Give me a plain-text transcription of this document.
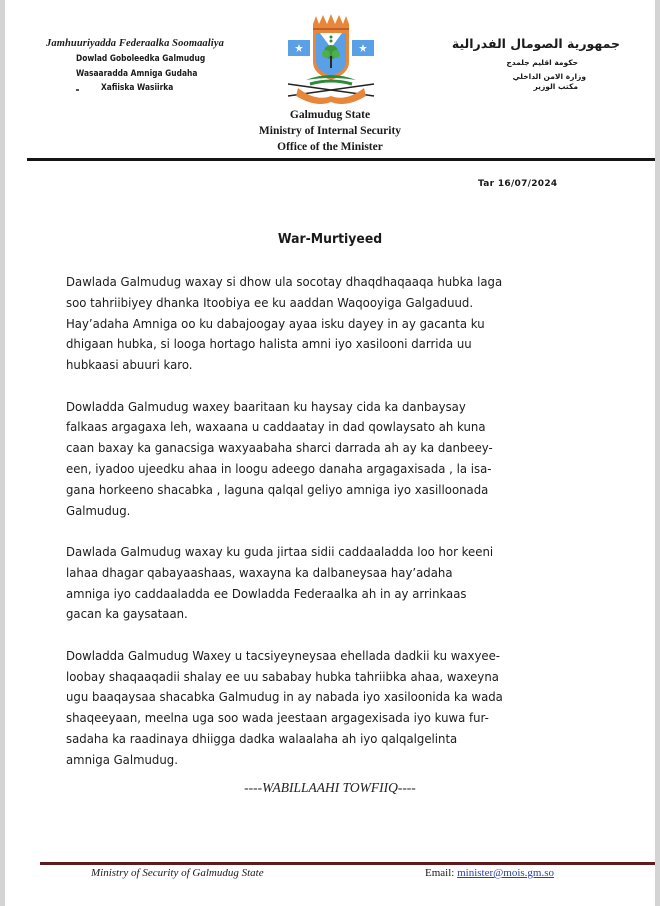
Jamhuuriyadda Federaalka Soomaaliya
Dowlad Goboleedka Galmudug
Wasaaradda Amniga Gudaha
Xafiiska Wasiirka
جمهورية الصومال الفدرالية
حكومة اقليم جلمدج
وزارة الامن الداخلي
مكتب الوزير
Galmudug State
Ministry of Internal Security
Office of the Minister
Tar 16/07/2024
War-Murtiyeed
Dawlada Galmudug waxay si dhow ula socotay dhaqdhaqaaqa hubka laga
soo tahriibiyey dhanka Itoobiya ee ku aaddan Waqooyiga Galgaduud.
Hay’adaha Amniga oo ku dabajoogay ayaa isku dayey in ay gacanta ku
dhigaan hubka, si looga hortago halista amni iyo xasilooni darrida uu
hubkaasi abuuri karo.
Dowladda Galmudug waxey baaritaan ku haysay cida ka danbaysay
falkaas argagaxa leh, waxaana u caddaatay in dad qowlaysato ah kuna
caan baxay ka ganacsiga waxyaabaha sharci darrada ah ay ka danbeey-
een, iyadoo ujeedku ahaa in loogu adeego danaha argagaxisada , la isa-
gana horkeeno shacabka , laguna qalqal geliyo amniga iyo xasilloonada
Galmudug.
Dawlada Galmudug waxay ku guda jirtaa sidii caddaaladda loo hor keeni
lahaa dhagar qabayaashaas, waxayna ka dalbaneysaa hay’adaha
amniga iyo caddaaladda ee Dowladda Federaalka ah in ay arrinkaas
gacan ka gaysataan.
Dowladda Galmudug Waxey u tacsiyeyneysaa ehellada dadkii ku waxyee-
loobay shaqaaqadii shalay ee uu sababay hubka tahriibka ahaa, waxeyna
ugu baaqaysaa shacabka Galmudug in ay nabada iyo xasiloonida ka wada
shaqeeyaan, meelna uga soo wada jeestaan argagexisada iyo kuwa fur-
sadaha ka raadinaya dhiigga dadka walaalaha ah iyo qalqalgelinta
amniga Galmudug.
----WABILLAAHI TOWFIIQ----
Ministry of Security of Galmudug State	Email: minister@mois.gm.so
